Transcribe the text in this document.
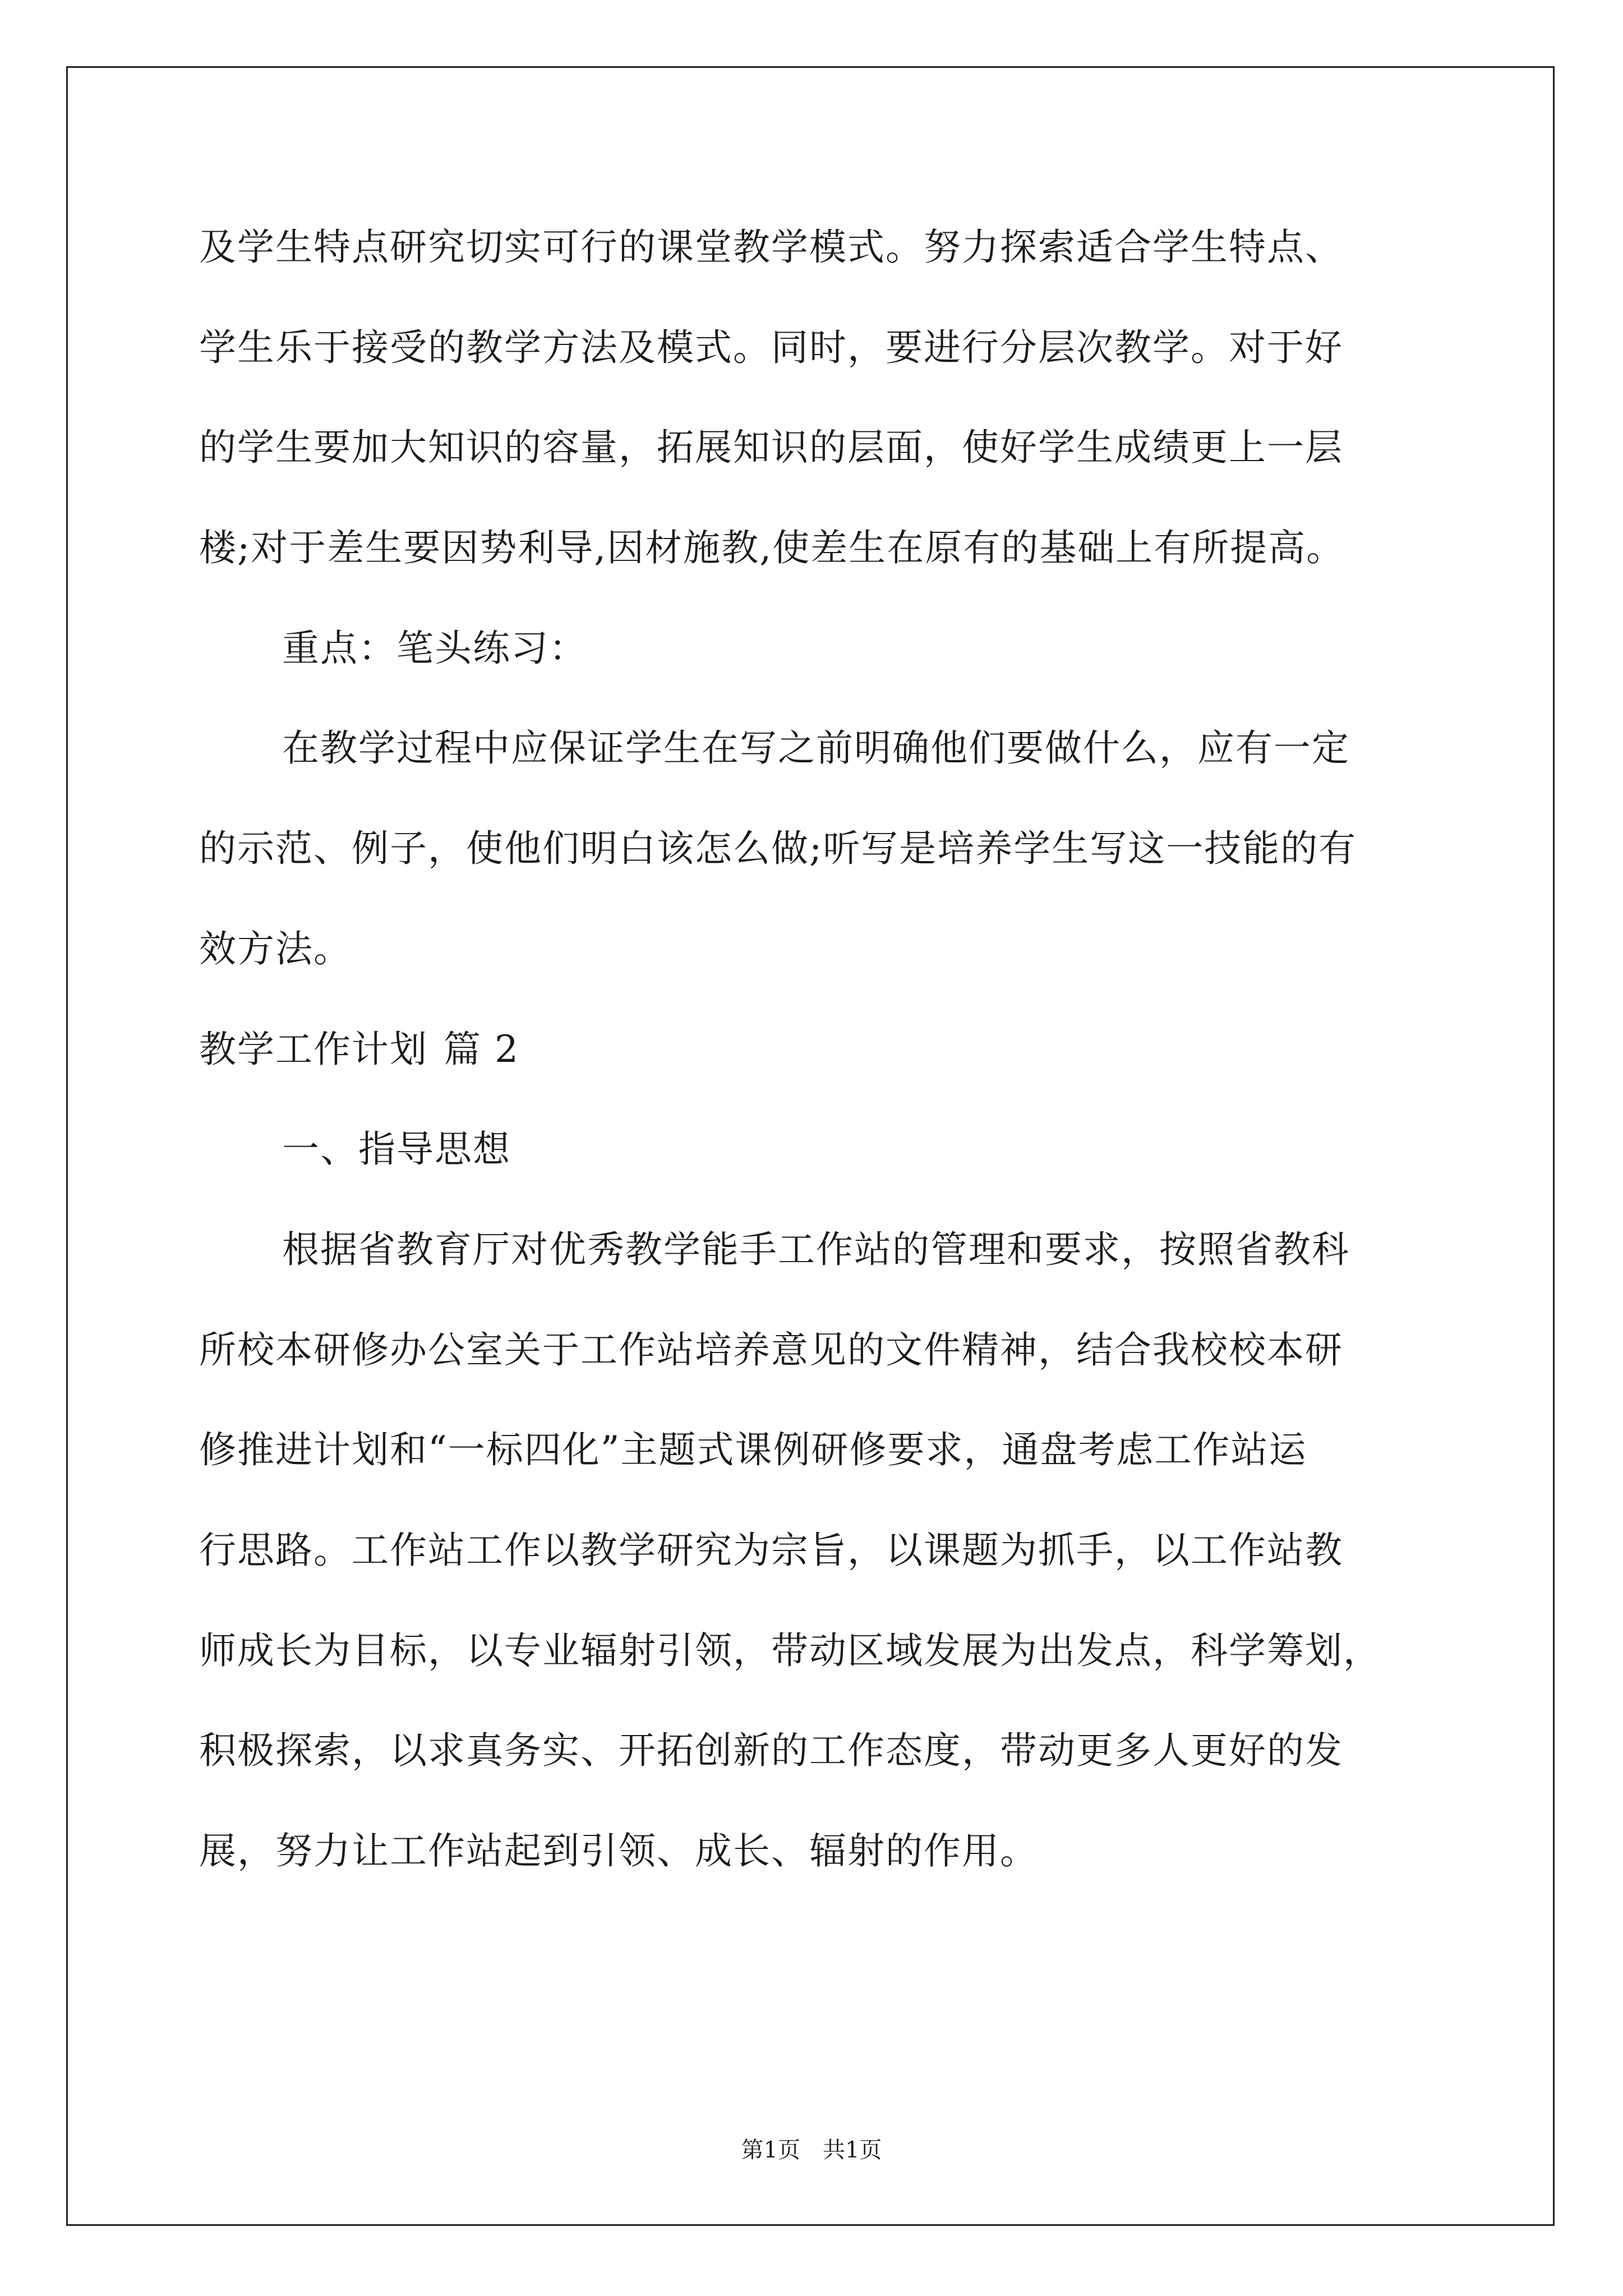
及学生特点研究切实可行的课堂教学模式。努力探索适合学生特点、

学生乐于接受的教学方法及模式。同时，要进行分层次教学。对于好

的学生要加大知识的容量，拓展知识的层面，使好学生成绩更上一层

楼;对于差生要因势利导,因材施教,使差生在原有的基础上有所提高。

重点：笔头练习：

在教学过程中应保证学生在写之前明确他们要做什么，应有一定

的示范、例子，使他们明白该怎么做;听写是培养学生写这一技能的有

效方法。

教学工作计划 篇 2

一、指导思想

根据省教育厅对优秀教学能手工作站的管理和要求，按照省教科

所校本研修办公室关于工作站培养意见的文件精神，结合我校校本研

修推进计划和“一标四化”主题式课例研修要求，通盘考虑工作站运

行思路。工作站工作以教学研究为宗旨，以课题为抓手，以工作站教

师成长为目标，以专业辐射引领，带动区域发展为出发点，科学筹划，

积极探索，以求真务实、开拓创新的工作态度，带动更多人更好的发

展，努力让工作站起到引领、成长、辐射的作用。

第1页 共1页
